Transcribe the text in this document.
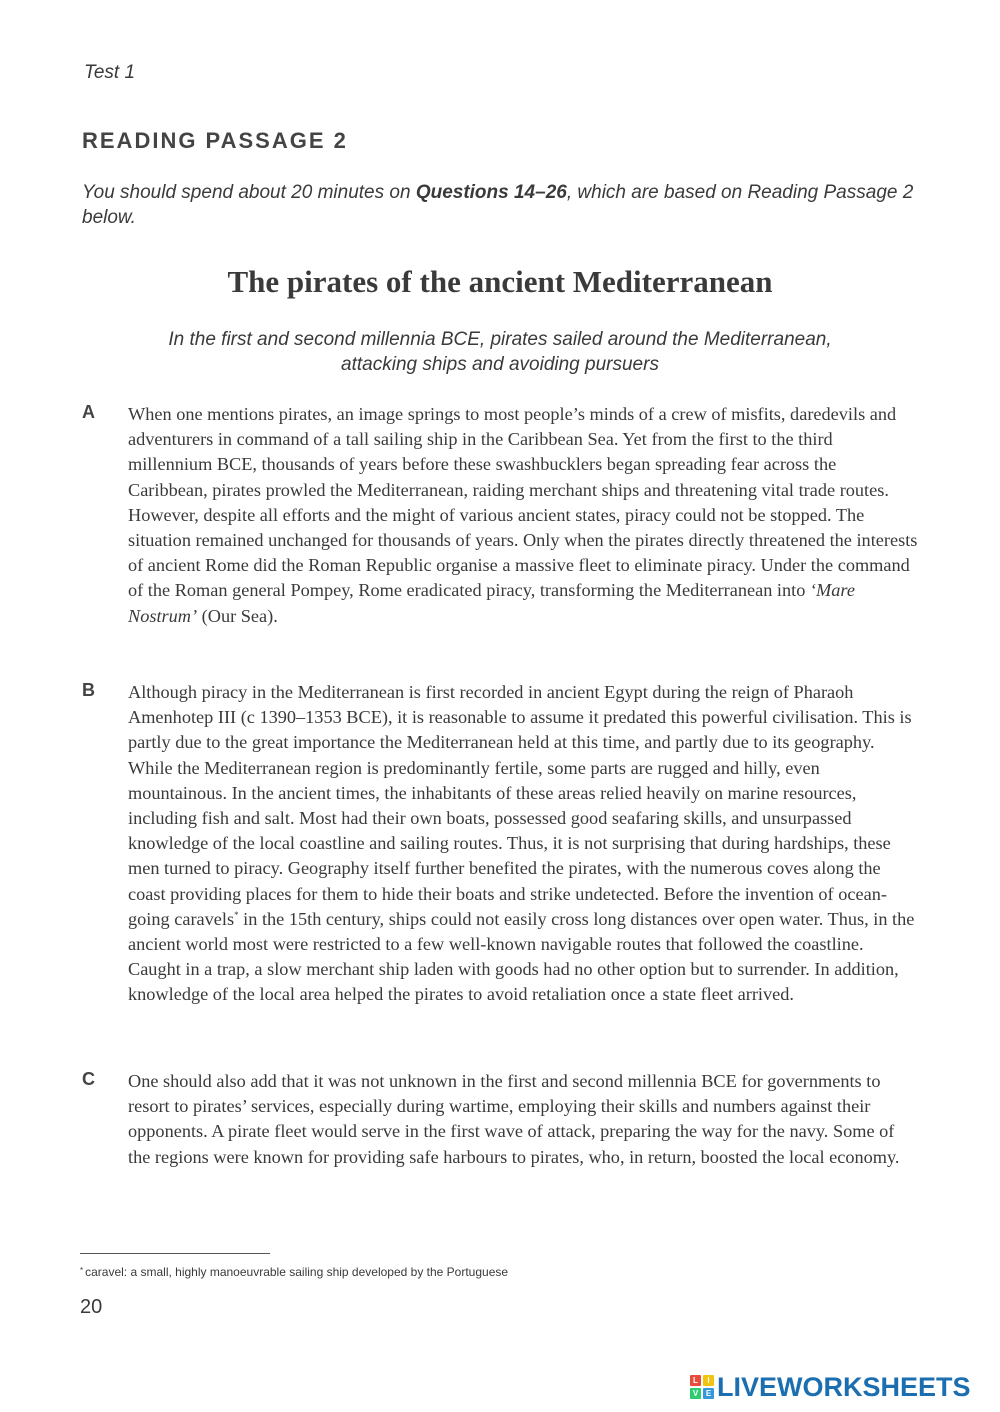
Test 1
READING PASSAGE 2
You should spend about 20 minutes on Questions 14–26, which are based on Reading Passage 2 below.
The pirates of the ancient Mediterranean
In the first and second millennia BCE, pirates sailed around the Mediterranean, attacking ships and avoiding pursuers
A When one mentions pirates, an image springs to most people’s minds of a crew of misfits, daredevils and adventurers in command of a tall sailing ship in the Caribbean Sea. Yet from the first to the third millennium BCE, thousands of years before these swashbucklers began spreading fear across the Caribbean, pirates prowled the Mediterranean, raiding merchant ships and threatening vital trade routes. However, despite all efforts and the might of various ancient states, piracy could not be stopped. The situation remained unchanged for thousands of years. Only when the pirates directly threatened the interests of ancient Rome did the Roman Republic organise a massive fleet to eliminate piracy. Under the command of the Roman general Pompey, Rome eradicated piracy, transforming the Mediterranean into ‘Mare Nostrum’ (Our Sea).
B Although piracy in the Mediterranean is first recorded in ancient Egypt during the reign of Pharaoh Amenhotep III (c 1390–1353 BCE), it is reasonable to assume it predated this powerful civilisation. This is partly due to the great importance the Mediterranean held at this time, and partly due to its geography. While the Mediterranean region is predominantly fertile, some parts are rugged and hilly, even mountainous. In the ancient times, the inhabitants of these areas relied heavily on marine resources, including fish and salt. Most had their own boats, possessed good seafaring skills, and unsurpassed knowledge of the local coastline and sailing routes. Thus, it is not surprising that during hardships, these men turned to piracy. Geography itself further benefited the pirates, with the numerous coves along the coast providing places for them to hide their boats and strike undetected. Before the invention of ocean-going caravels* in the 15th century, ships could not easily cross long distances over open water. Thus, in the ancient world most were restricted to a few well-known navigable routes that followed the coastline. Caught in a trap, a slow merchant ship laden with goods had no other option but to surrender. In addition, knowledge of the local area helped the pirates to avoid retaliation once a state fleet arrived.
C One should also add that it was not unknown in the first and second millennia BCE for governments to resort to pirates’ services, especially during wartime, employing their skills and numbers against their opponents. A pirate fleet would serve in the first wave of attack, preparing the way for the navy. Some of the regions were known for providing safe harbours to pirates, who, in return, boosted the local economy.
* caravel: a small, highly manoeuvrable sailing ship developed by the Portuguese
20
L	I
V E LIVEWORKSHEETS
